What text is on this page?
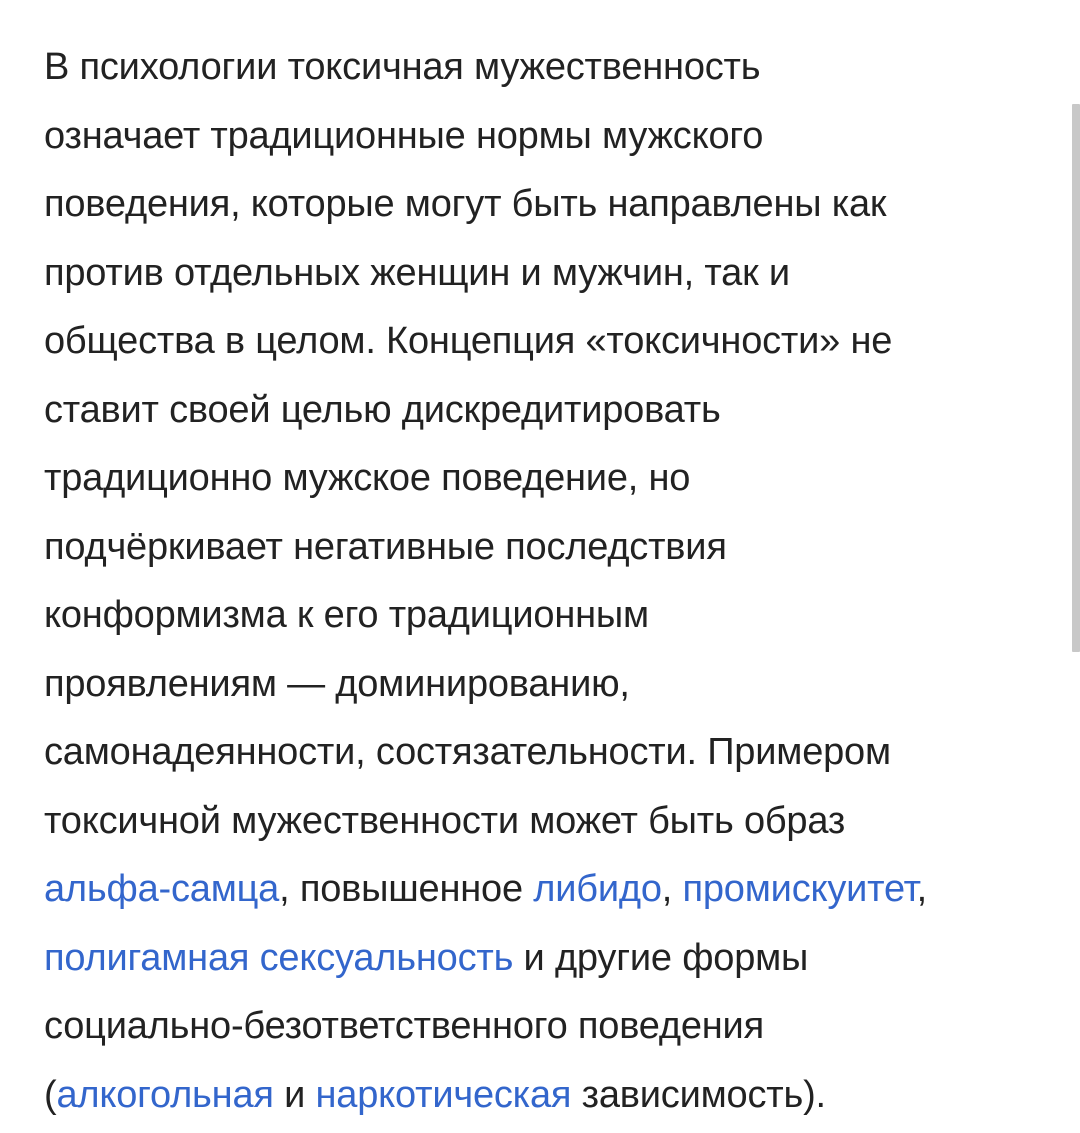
В психологии токсичная мужественность
означает традиционные нормы мужского
поведения, которые могут быть направлены как
против отдельных женщин и мужчин, так и
общества в целом. Концепция «токсичности» не
ставит своей целью дискредитировать
традиционно мужское поведение, но
подчёркивает негативные последствия
конформизма к его традиционным
проявлениям — доминированию,
самонадеянности, состязательности. Примером
токсичной мужественности может быть образ
альфа-самца, повышенное либидо, промискуитет,
полигамная сексуальность и другие формы
социально-безответственного поведения
(алкогольная и наркотическая зависимость).
